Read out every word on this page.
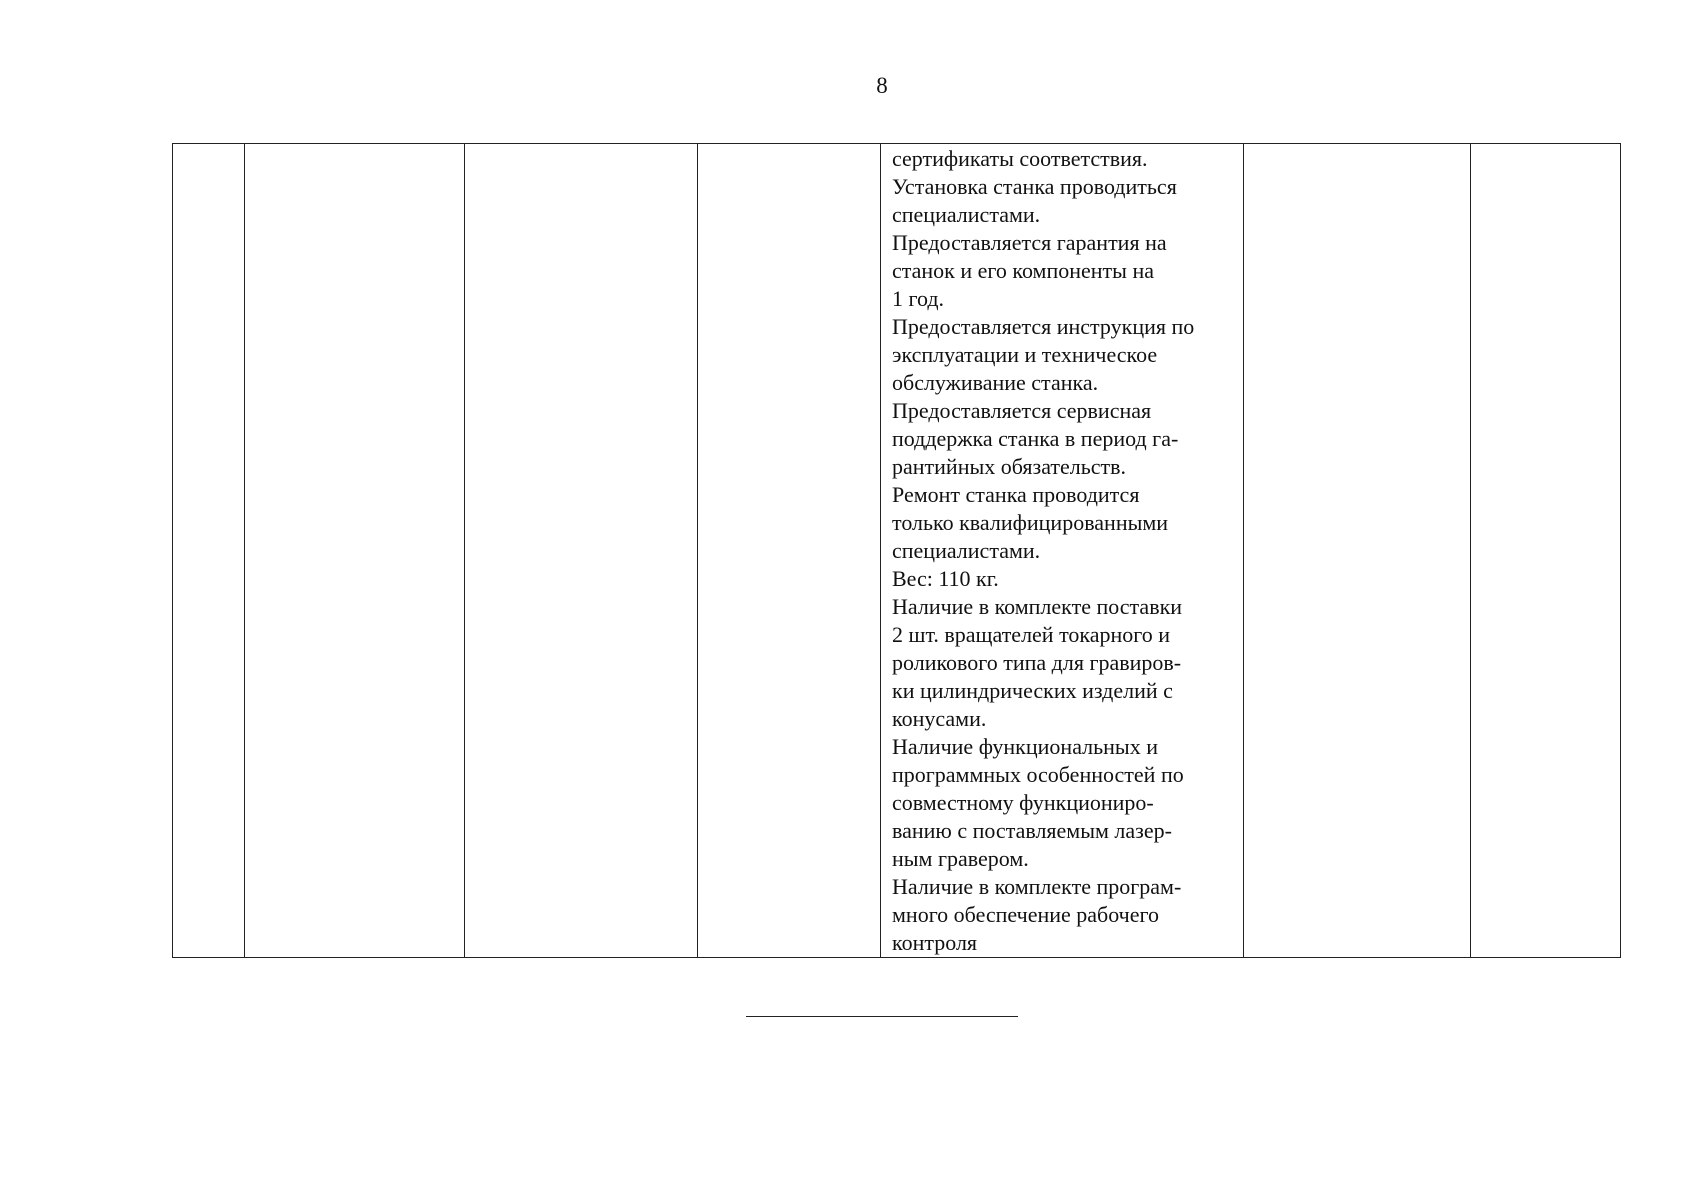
8

сертификаты соответствия.
Установка станка проводиться
специалистами.
Предоставляется гарантия на
станок и его компоненты на
1 год.
Предоставляется инструкция по
эксплуатации и техническое
обслуживание станка.
Предоставляется сервисная
поддержка станка в период га-
рантийных обязательств.
Ремонт станка проводится
только квалифицированными
специалистами.
Вес: 110 кг.
Наличие в комплекте поставки
2 шт. вращателей токарного и
роликового типа для гравиров-
ки цилиндрических изделий с
конусами.
Наличие функциональных и
программных особенностей по
совместному функциониро-
ванию с поставляемым лазер-
ным гравером.
Наличие в комплекте програм-
много обеспечение рабочего
контроля
